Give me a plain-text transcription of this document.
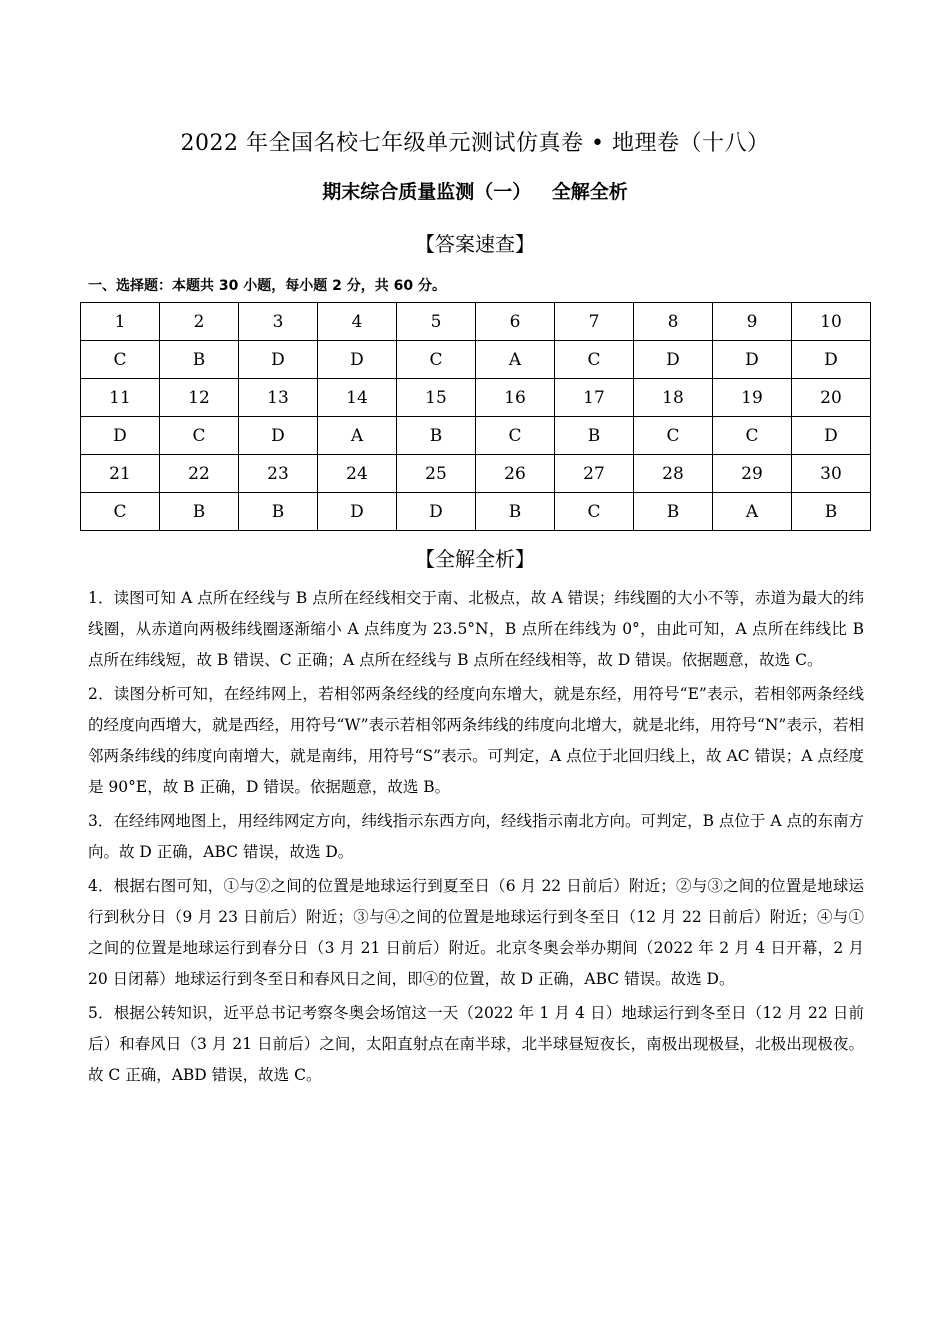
2022 年全国名校七年级单元测试仿真卷 • 地理卷（十八）
期末综合质量监测（一） 全解全析
【答案速查】
一、选择题：本题共 30 小题，每小题 2 分，共 60 分。
1	2	3	4	5	6	7	8	9	10
C	B	D	D	C	A	C	D	D	D
11	12	13	14	15	16	17	18	19	20
D	C	D	A	B	C	B	C	C	D
21	22	23	24	25	26	27	28	29	30
C	B	B	D	D	B	C	B	A	B
【全解全析】

1．读图可知 A 点所在经线与 B 点所在经线相交于南、北极点，故 A 错误；纬线圈的大小不等，赤道为最大的纬线圈，从赤道向两极纬线圈逐渐缩小 A 点纬度为 23.5°N，B 点所在纬线为 0°，由此可知，A 点所在纬线比 B 点所在纬线短，故 B 错误、C 正确；A 点所在经线与 B 点所在经线相等，故 D 错误。依据题意，故选 C。

2．读图分析可知，在经纬网上，若相邻两条经线的经度向东增大，就是东经，用符号“E”表示，若相邻两条经线的经度向西增大，就是西经，用符号“W”表示若相邻两条纬线的纬度向北增大，就是北纬，用符号“N”表示，若相邻两条纬线的纬度向南增大，就是南纬，用符号“S”表示。可判定，A 点位于北回归线上，故 AC 错误；A 点经度是 90°E，故 B 正确，D 错误。依据题意，故选 B。

3．在经纬网地图上，用经纬网定方向，纬线指示东西方向，经线指示南北方向。可判定，B 点位于 A 点的东南方向。故 D 正确，ABC 错误，故选 D。

4．根据右图可知，①与②之间的位置是地球运行到夏至日（6 月 22 日前后）附近；②与③之间的位置是地球运行到秋分日（9 月 23 日前后）附近；③与④之间的位置是地球运行到冬至日（12 月 22 日前后）附近；④与①之间的位置是地球运行到春分日（3 月 21 日前后）附近。北京冬奥会举办期间（2022 年 2 月 4 日开幕，2 月 20 日闭幕）地球运行到冬至日和春风日之间，即④的位置，故 D 正确，ABC 错误。故选 D。

5．根据公转知识，近平总书记考察冬奥会场馆这一天（2022 年 1 月 4 日）地球运行到冬至日（12 月 22 日前后）和春风日（3 月 21 日前后）之间，太阳直射点在南半球，北半球昼短夜长，南极出现极昼，北极出现极夜。故 C 正确，ABD 错误，故选 C。
